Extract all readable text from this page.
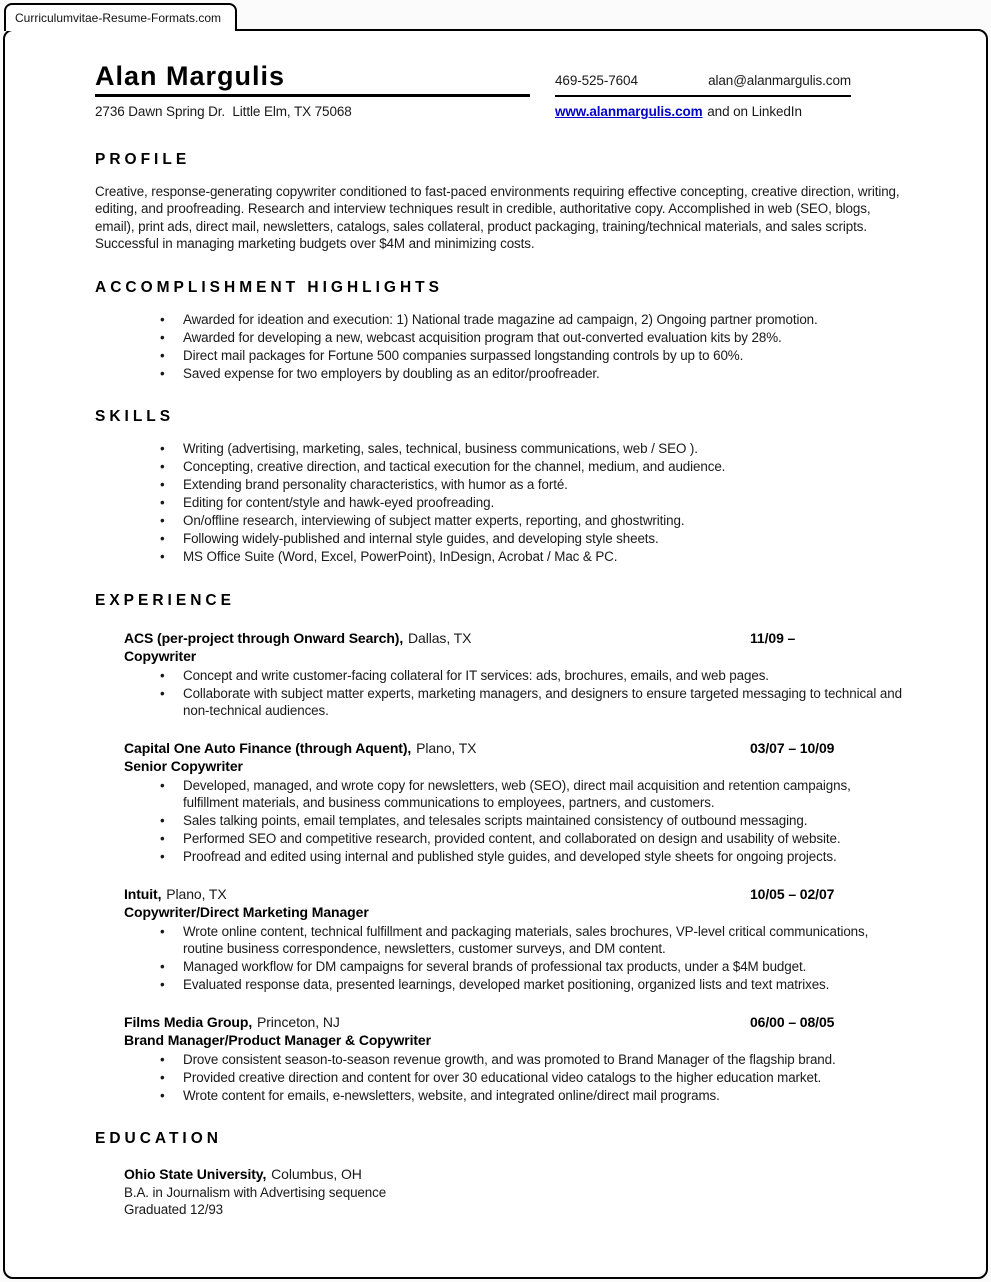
Curriculumvitae-Resume-Formats.com
Alan Margulis	469-525-7604	alan@alanmargulis.com
2736 Dawn Spring Dr.  Little Elm, TX 75068	www.alanmargulis.com and on LinkedIn
PROFILE
Creative, response-generating copywriter conditioned to fast-paced environments requiring effective concepting, creative direction, writing, editing, and proofreading. Research and interview techniques result in credible, authoritative copy. Accomplished in web (SEO, blogs, email), print ads, direct mail, newsletters, catalogs, sales collateral, product packaging, training/technical materials, and sales scripts. Successful in managing marketing budgets over $4M and minimizing costs.
ACCOMPLISHMENT HIGHLIGHTS
• Awarded for ideation and execution: 1) National trade magazine ad campaign, 2) Ongoing partner promotion.
• Awarded for developing a new, webcast acquisition program that out-converted evaluation kits by 28%.
• Direct mail packages for Fortune 500 companies surpassed longstanding controls by up to 60%.
• Saved expense for two employers by doubling as an editor/proofreader.
SKILLS
• Writing (advertising, marketing, sales, technical, business communications, web / SEO ).
• Concepting, creative direction, and tactical execution for the channel, medium, and audience.
• Extending brand personality characteristics, with humor as a forté.
• Editing for content/style and hawk-eyed proofreading.
• On/offline research, interviewing of subject matter experts, reporting, and ghostwriting.
• Following widely-published and internal style guides, and developing style sheets.
• MS Office Suite (Word, Excel, PowerPoint), InDesign, Acrobat / Mac & PC.
EXPERIENCE
ACS (per-project through Onward Search), Dallas, TX	11/09 –
Copywriter
• Concept and write customer-facing collateral for IT services: ads, brochures, emails, and web pages.
• Collaborate with subject matter experts, marketing managers, and designers to ensure targeted messaging to technical and non-technical audiences.
Capital One Auto Finance (through Aquent), Plano, TX	03/07 – 10/09
Senior Copywriter
• Developed, managed, and wrote copy for newsletters, web (SEO), direct mail acquisition and retention campaigns, fulfillment materials, and business communications to employees, partners, and customers.
• Sales talking points, email templates, and telesales scripts maintained consistency of outbound messaging.
• Performed SEO and competitive research, provided content, and collaborated on design and usability of website.
• Proofread and edited using internal and published style guides, and developed style sheets for ongoing projects.
Intuit, Plano, TX	10/05 – 02/07
Copywriter/Direct Marketing Manager
• Wrote online content, technical fulfillment and packaging materials, sales brochures, VP-level critical communications, routine business correspondence, newsletters, customer surveys, and DM content.
• Managed workflow for DM campaigns for several brands of professional tax products, under a $4M budget.
• Evaluated response data, presented learnings, developed market positioning, organized lists and text matrixes.
Films Media Group, Princeton, NJ	06/00 – 08/05
Brand Manager/Product Manager & Copywriter
• Drove consistent season-to-season revenue growth, and was promoted to Brand Manager of the flagship brand.
• Provided creative direction and content for over 30 educational video catalogs to the higher education market.
• Wrote content for emails, e-newsletters, website, and integrated online/direct mail programs.
EDUCATION
Ohio State University, Columbus, OH
B.A. in Journalism with Advertising sequence
Graduated 12/93
